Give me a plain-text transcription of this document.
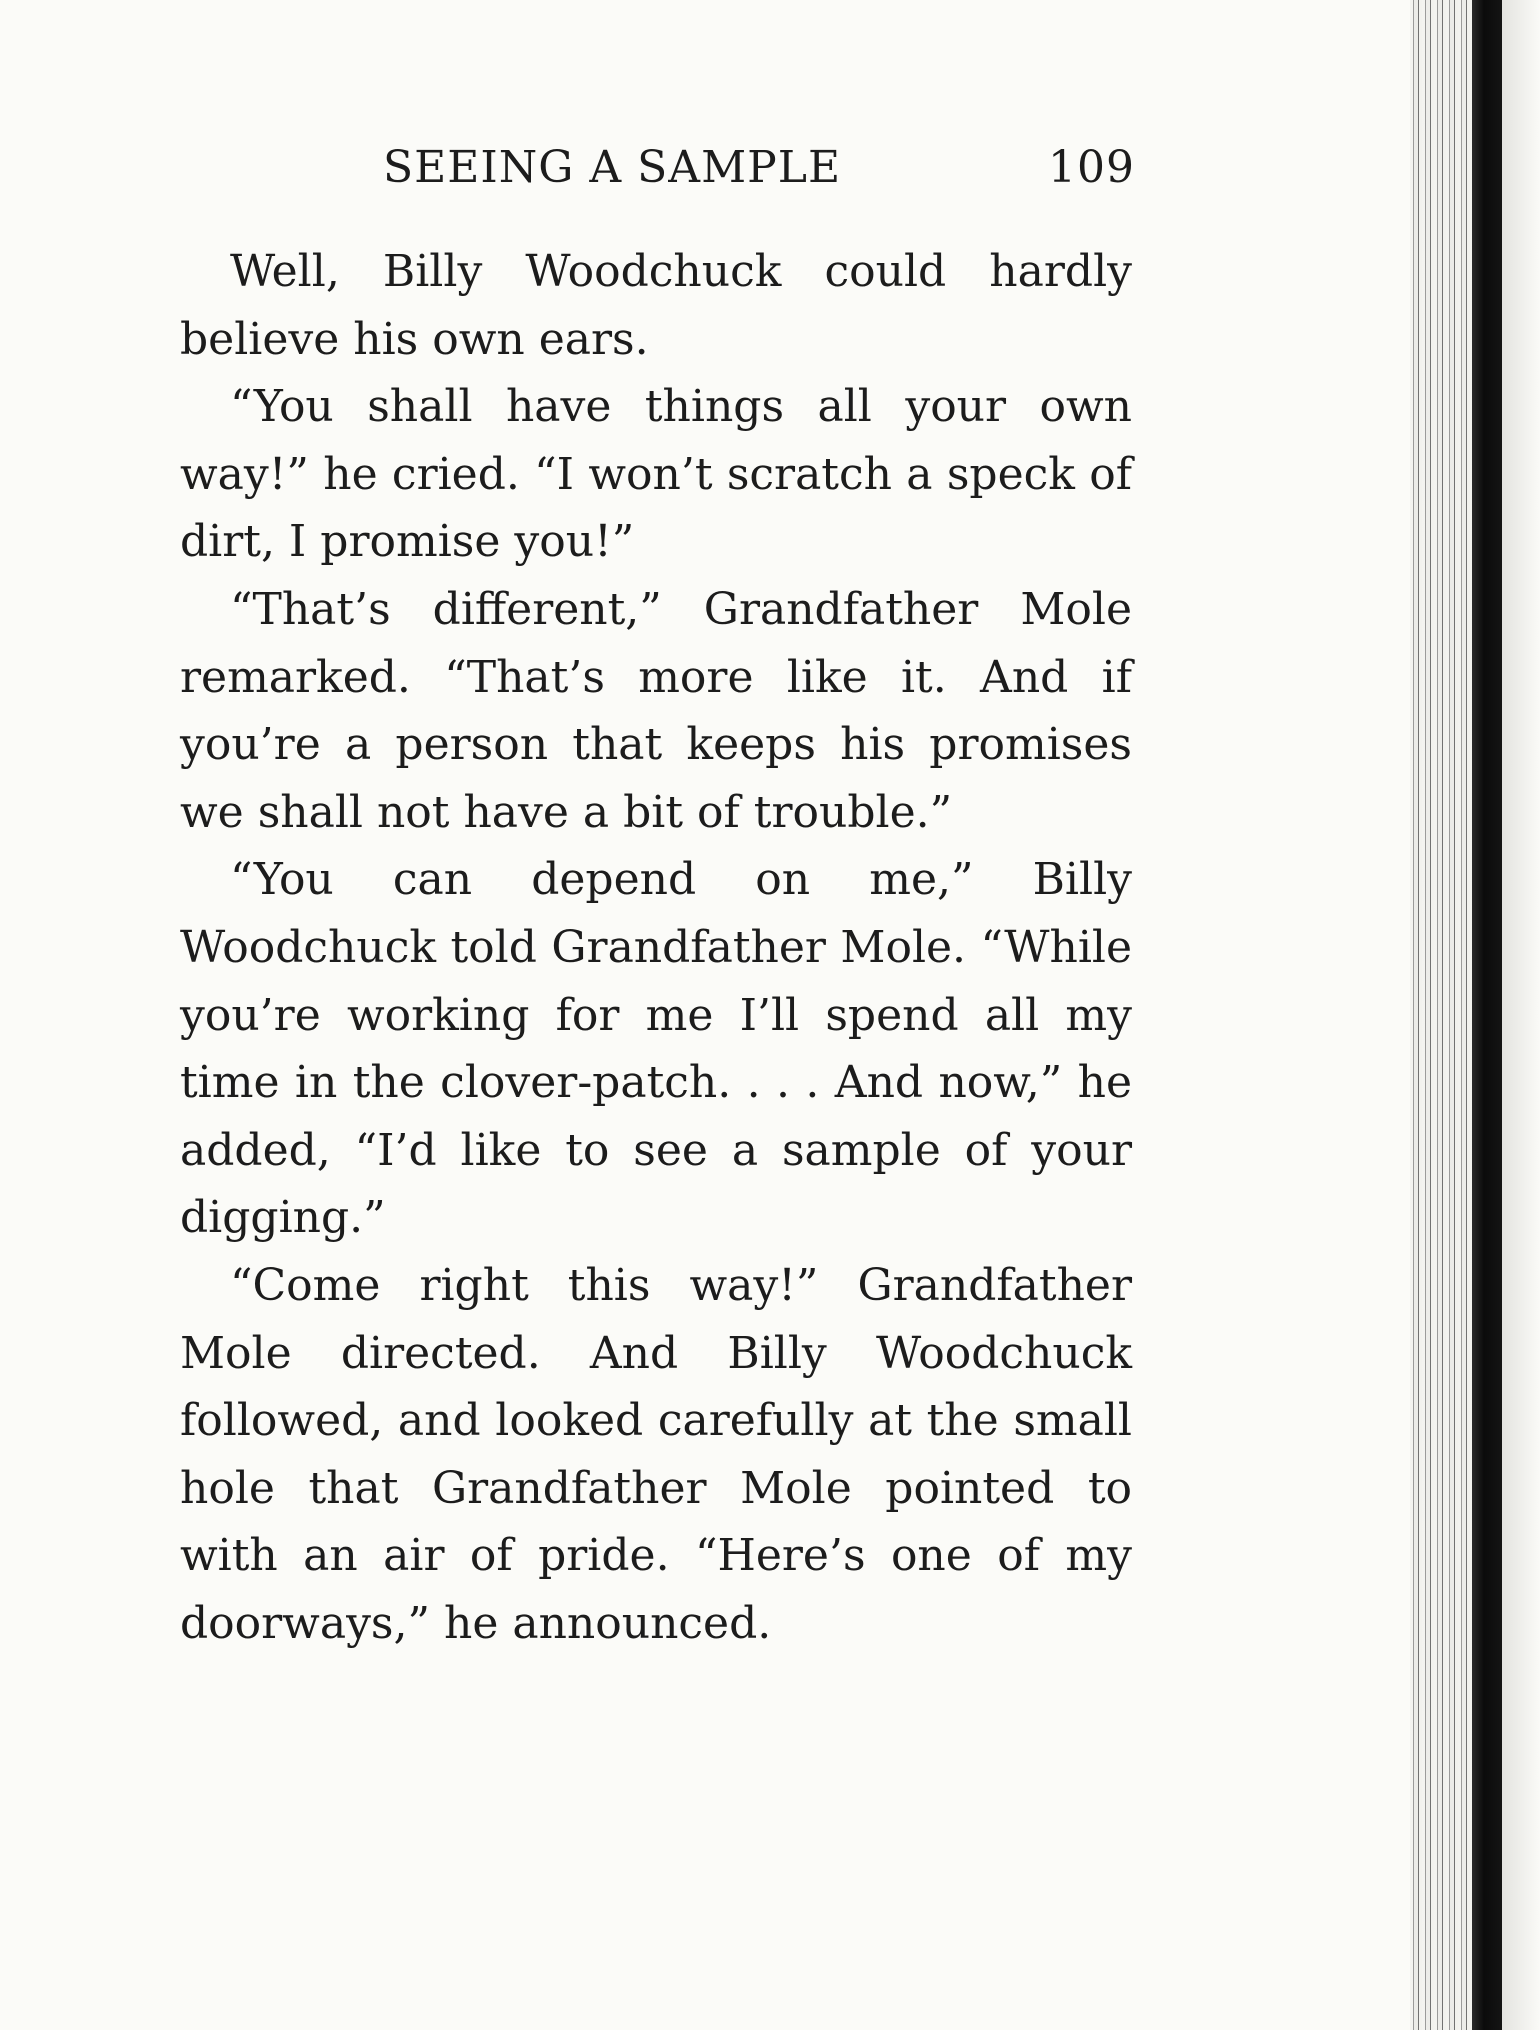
SEEING A SAMPLE	109

Well, Billy Woodchuck could hardly believe his own ears.

“You shall have things all your own way!” he cried. “I won’t scratch a speck of dirt, I promise you!”

“That’s different,” Grandfather Mole remarked. “That’s more like it. And if you’re a person that keeps his promises we shall not have a bit of trouble.”

“You can depend on me,” Billy Woodchuck told Grandfather Mole. “While you’re working for me I’ll spend all my time in the clover-patch. . . . And now,” he added, “I’d like to see a sample of your digging.”

“Come right this way!” Grandfather Mole directed. And Billy Woodchuck followed, and looked carefully at the small hole that Grandfather Mole pointed to with an air of pride. “Here’s one of my doorways,” he announced.
